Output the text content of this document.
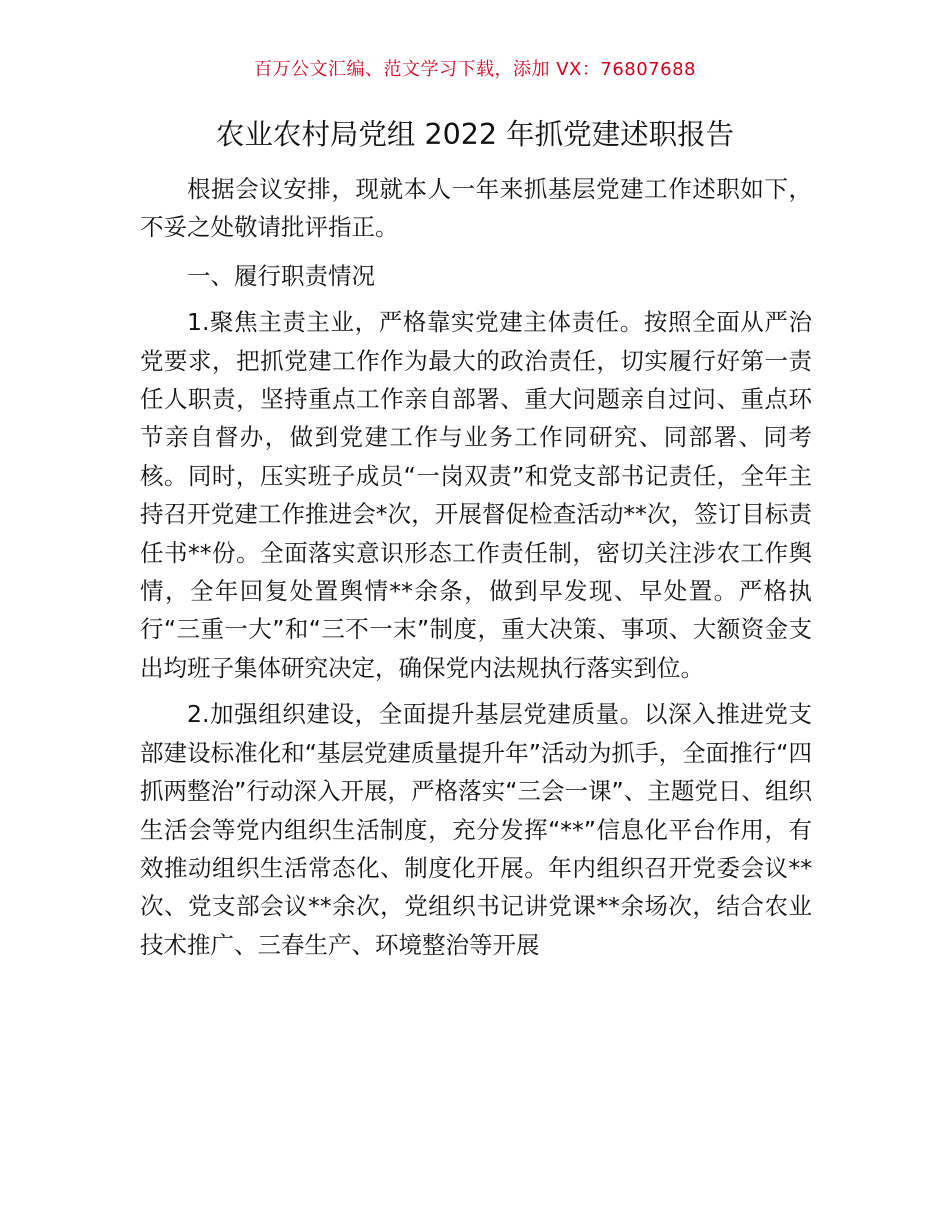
百万公文汇编、范文学习下载，添加 VX：76807688
农业农村局党组 2022 年抓党建述职报告

根据会议安排，现就本人一年来抓基层党建工作述职如下，不妥之处敬请批评指正。

一、履行职责情况

1.聚焦主责主业，严格靠实党建主体责任。按照全面从严治党要求，把抓党建工作作为最大的政治责任，切实履行好第一责任人职责，坚持重点工作亲自部署、重大问题亲自过问、重点环节亲自督办，做到党建工作与业务工作同研究、同部署、同考核。同时，压实班子成员“一岗双责”和党支部书记责任，全年主持召开党建工作推进会*次，开展督促检查活动**次，签订目标责任书**份。全面落实意识形态工作责任制，密切关注涉农工作舆情，全年回复处置舆情**余条，做到早发现、早处置。严格执行“三重一大”和“三不一末”制度，重大决策、事项、大额资金支出均班子集体研究决定，确保党内法规执行落实到位。

2.加强组织建设，全面提升基层党建质量。以深入推进党支部建设标准化和“基层党建质量提升年”活动为抓手，全面推行“四抓两整治”行动深入开展，严格落实“三会一课”、主题党日、组织生活会等党内组织生活制度，充分发挥“**”信息化平台作用，有效推动组织生活常态化、制度化开展。年内组织召开党委会议**次、党支部会议**余次，党组织书记讲党课**余场次，结合农业技术推广、三春生产、环境整治等开展
